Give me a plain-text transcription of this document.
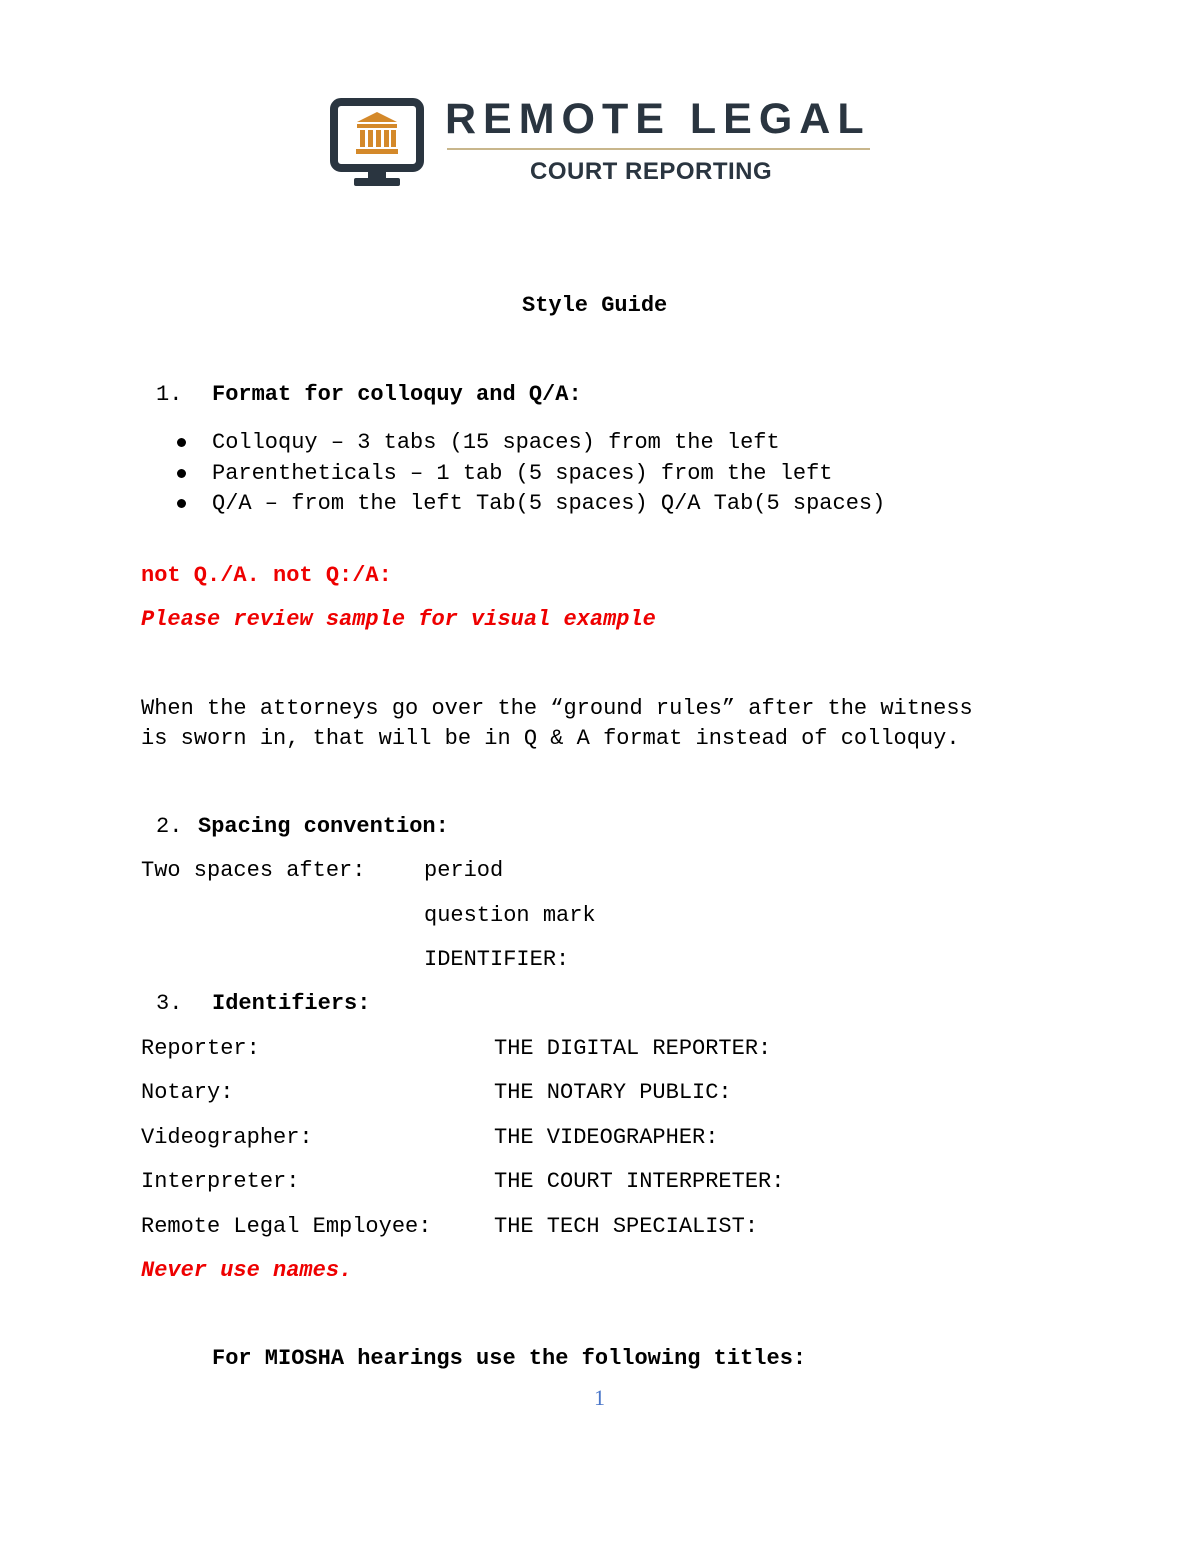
REMOTE LEGAL
COURT REPORTING
Style Guide
1. Format for colloquy and Q/A:
Colloquy – 3 tabs (15 spaces) from the left
Parentheticals – 1 tab (5 spaces) from the left
Q/A – from the left Tab(5 spaces) Q/A Tab(5 spaces)
not Q./A. not Q:/A:
Please review sample for visual example
When the attorneys go over the “ground rules” after the witness
is sworn in, that will be in Q & A format instead of colloquy.
2. Spacing convention:
Two spaces after:	period
question mark
IDENTIFIER:
3. Identifiers:
Reporter:	THE DIGITAL REPORTER:
Notary:	THE NOTARY PUBLIC:
Videographer:	THE VIDEOGRAPHER:
Interpreter:	THE COURT INTERPRETER:
Remote Legal Employee:	THE TECH SPECIALIST:
Never use names.
For MIOSHA hearings use the following titles:
1
